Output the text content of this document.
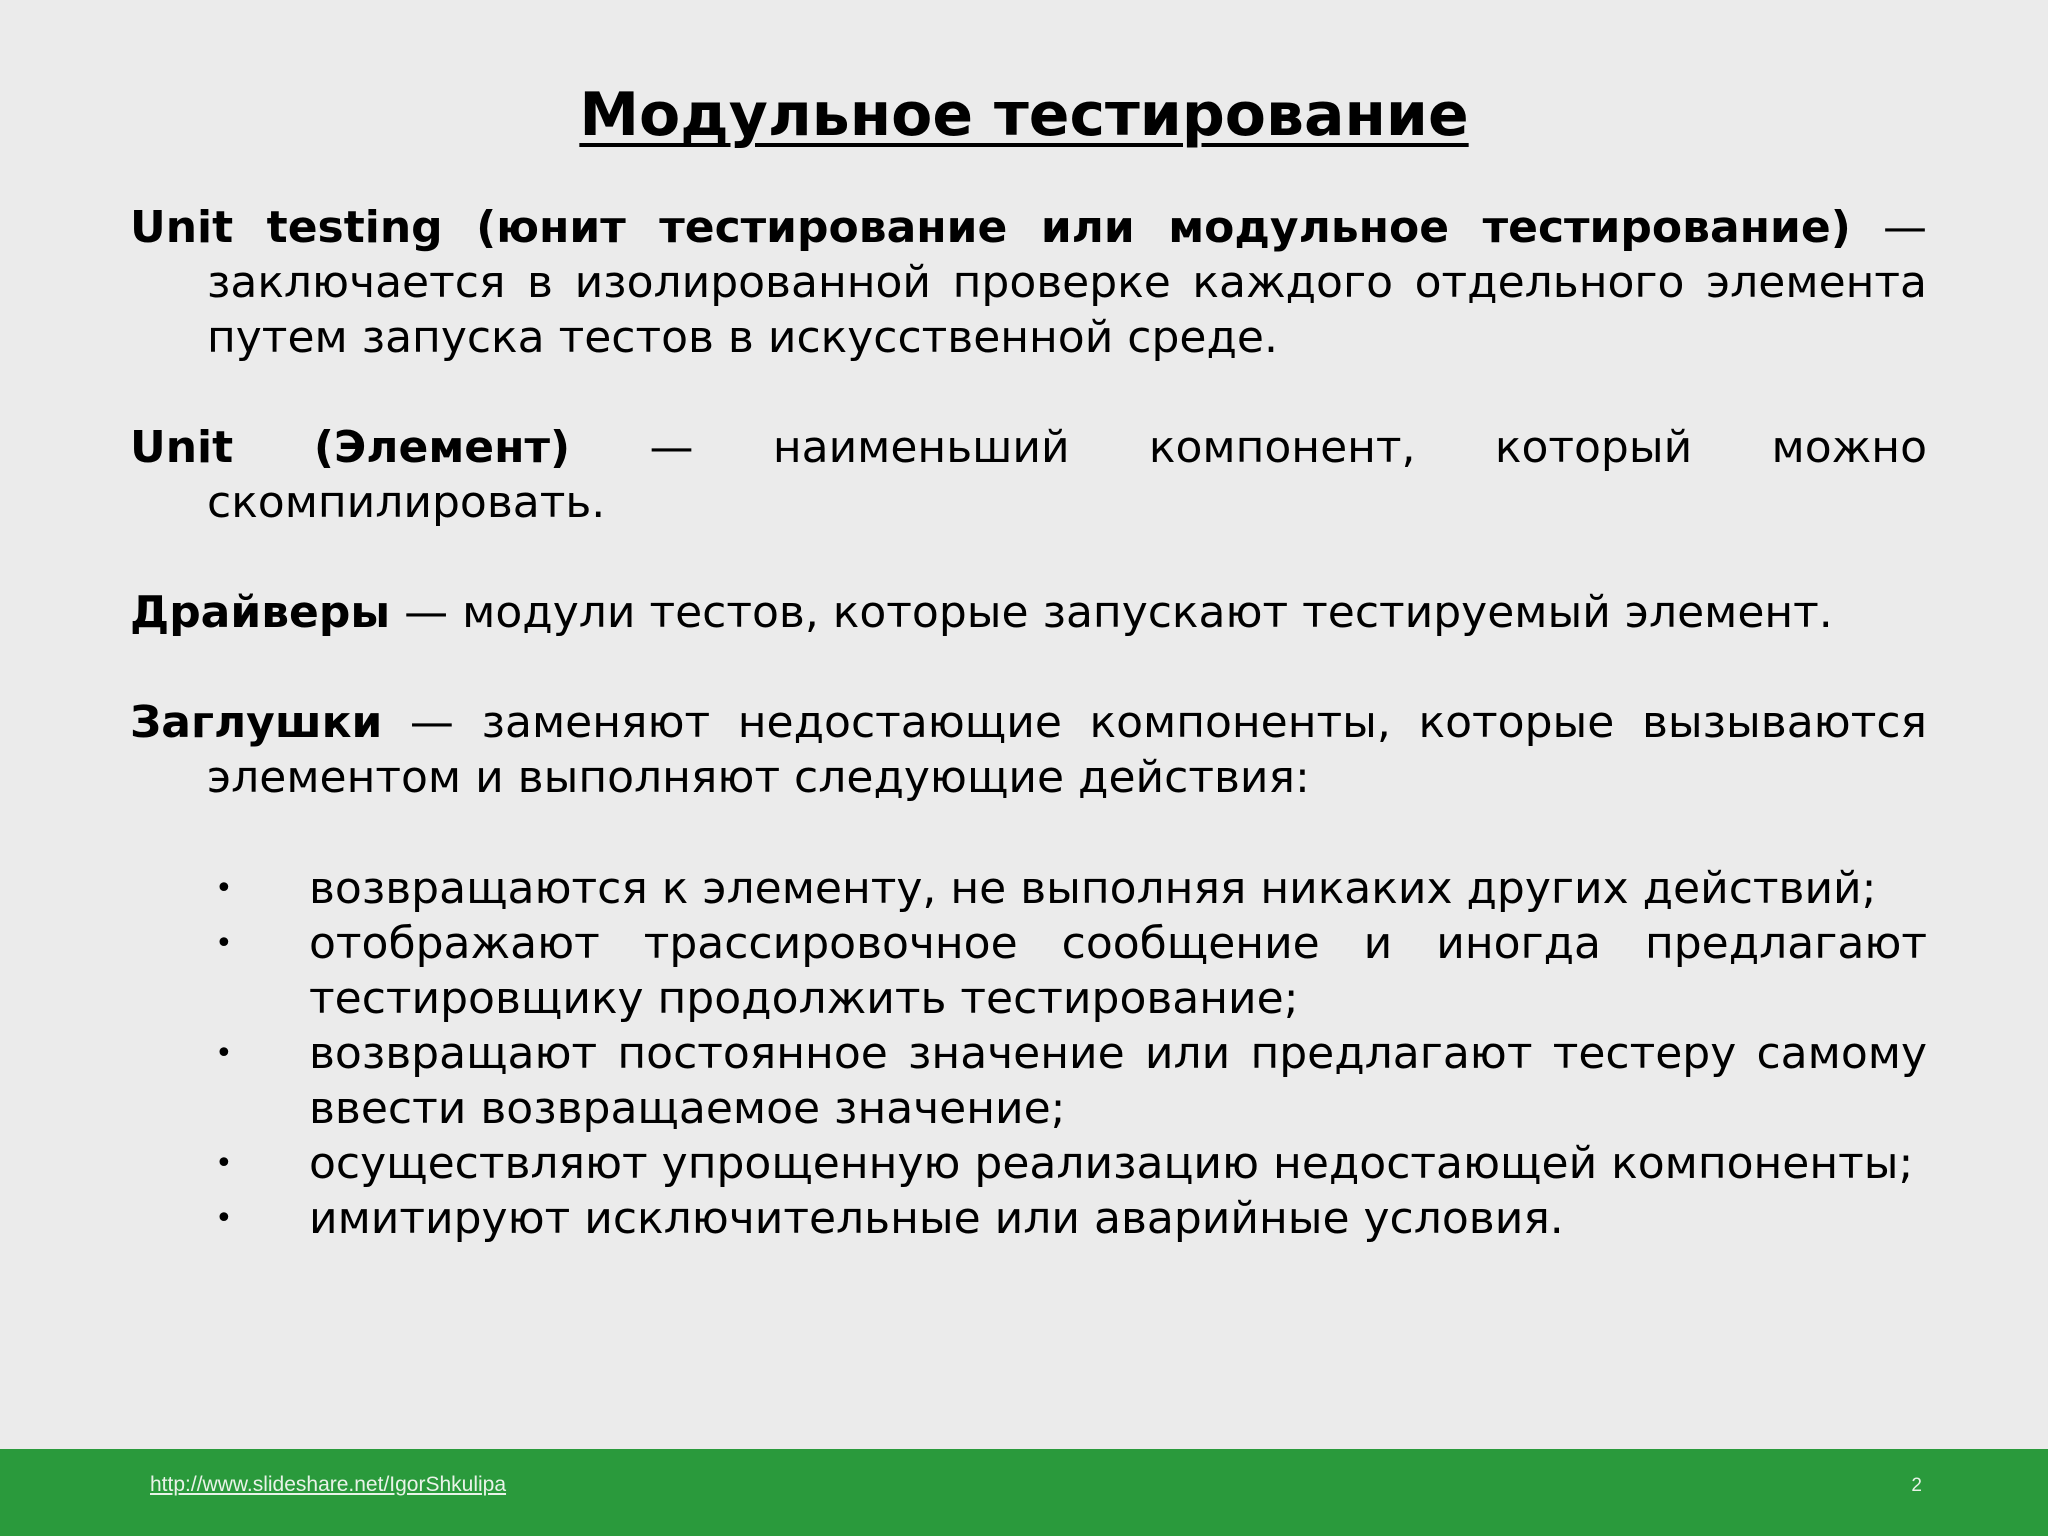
Модульное тестирование

Unit testing (юнит тестирование или модульное тестирование) — заключается в изолированной проверке каждого отдельного элемента путем запуска тестов в искусственной среде.

Unit (Элемент) — наименьший компонент, который можно скомпилировать.

Драйверы — модули тестов, которые запускают тестируемый элемент.

Заглушки — заменяют недостающие компоненты, которые вызываются элементом и выполняют следующие действия:

• возвращаются к элементу, не выполняя никаких других действий;
• отображают трассировочное сообщение и иногда предлагают тестировщику продолжить тестирование;
• возвращают постоянное значение или предлагают тестеру самому ввести возвращаемое значение;
• осуществляют упрощенную реализацию недостающей компоненты;
• имитируют исключительные или аварийные условия.
http://www.slideshare.net/IgorShkulipa	2
